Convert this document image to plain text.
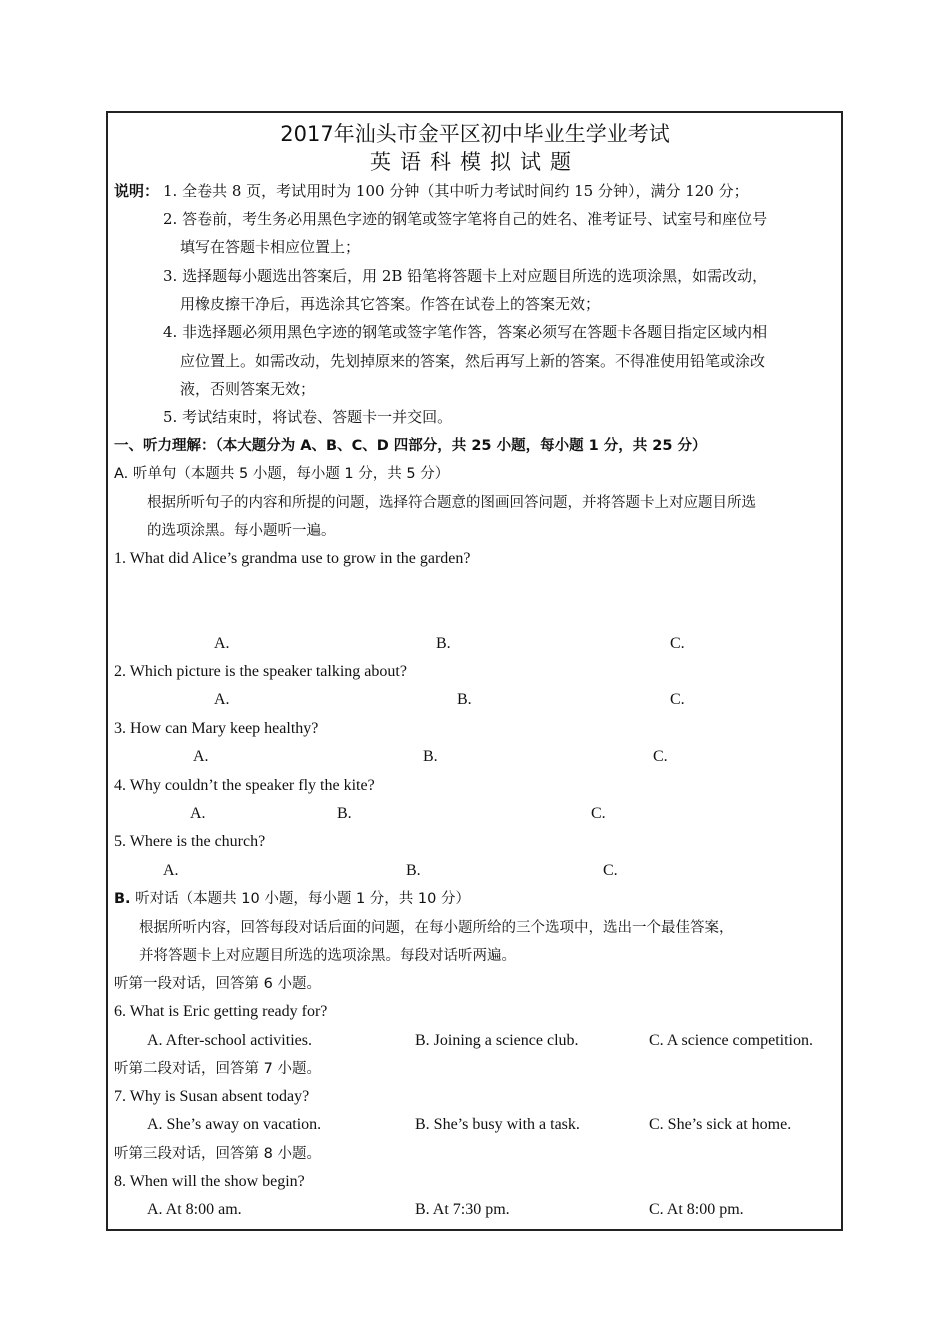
2017年汕头市金平区初中毕业生学业考试
英语科模拟试题
说明： 1. 全卷共 8 页，考试用时为 100 分钟（其中听力考试时间约 15 分钟），满分 120 分；
2. 答卷前，考生务必用黑色字迹的钢笔或签字笔将自己的姓名、准考证号、试室号和座位号
填写在答题卡相应位置上；
3. 选择题每小题选出答案后，用 2B 铅笔将答题卡上对应题目所选的选项涂黑，如需改动，
用橡皮擦干净后，再选涂其它答案。作答在试卷上的答案无效；
4. 非选择题必须用黑色字迹的钢笔或签字笔作答，答案必须写在答题卡各题目指定区域内相
应位置上。如需改动，先划掉原来的答案，然后再写上新的答案。不得准使用铅笔或涂改
液，否则答案无效；
5. 考试结束时，将试卷、答题卡一并交回。
一、听力理解：（本大题分为 A、B、C、D 四部分，共 25 小题，每小题 1 分，共 25 分）
A. 听单句（本题共 5 小题，每小题 1 分，共 5 分）
根据所听句子的内容和所提的问题，选择符合题意的图画回答问题，并将答题卡上对应题目所选
的选项涂黑。每小题听一遍。
1. What did Alice’s grandma use to grow in the garden?
A.	B.	C.
2. Which picture is the speaker talking about?
A.	B.	C.
3. How can Mary keep healthy?
A.	B.	C.
4. Why couldn’t the speaker fly the kite?
A.	B.	C.
5. Where is the church?
A.	B.	C.
B. 听对话（本题共 10 小题，每小题 1 分，共 10 分）
根据所听内容，回答每段对话后面的问题，在每小题所给的三个选项中，选出一个最佳答案，
并将答题卡上对应题目所选的选项涂黑。每段对话听两遍。
听第一段对话，回答第 6 小题。
6. What is Eric getting ready for?
A. After-school activities.	B. Joining a science club.	C. A science competition.
听第二段对话，回答第 7 小题。
7. Why is Susan absent today?
A. She’s away on vacation.	B. She’s busy with a task.	C. She’s sick at home.
听第三段对话，回答第 8 小题。
8. When will the show begin?
A. At 8:00 am.	B. At 7:30 pm.	C. At 8:00 pm.
